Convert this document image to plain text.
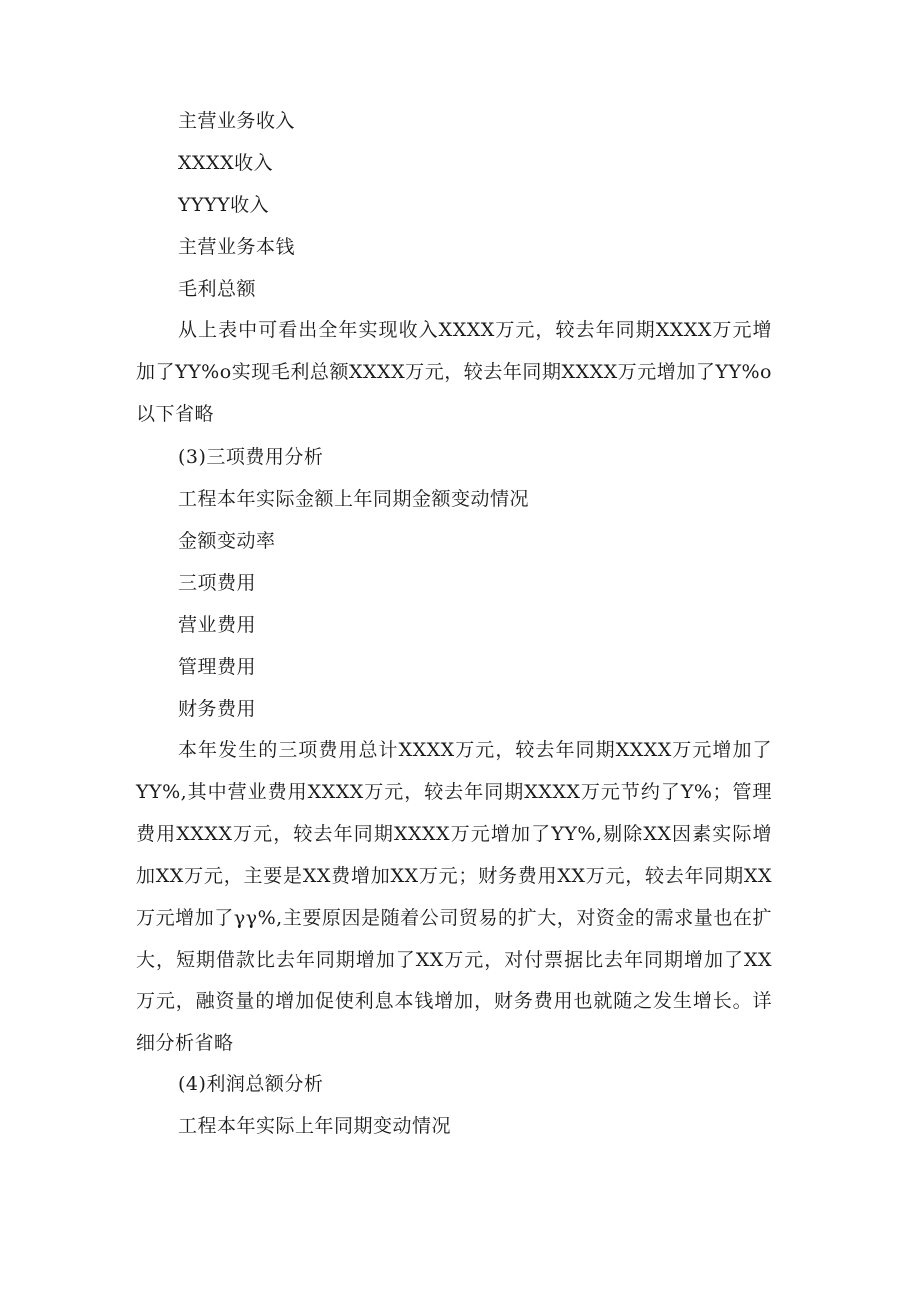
主营业务收入
XXXX收入
YYYY收入
主营业务本钱
毛利总额
从上表中可看出全年实现收入XXXX万元，较去年同期XXXX万元增加了YY%o实现毛利总额XXXX万元，较去年同期XXXX万元增加了YY%o以下省略
(3)三项费用分析
工程本年实际金额上年同期金额变动情况
金额变动率
三项费用
营业费用
管理费用
财务费用
本年发生的三项费用总计XXXX万元，较去年同期XXXX万元增加了YY%,其中营业费用XXXX万元，较去年同期XXXX万元节约了Y%；管理费用XXXX万元，较去年同期XXXX万元增加了YY%,剔除XX因素实际增加XX万元，主要是XX费增加XX万元；财务费用XX万元，较去年同期XX万元增加了γγ%,主要原因是随着公司贸易的扩大，对资金的需求量也在扩大，短期借款比去年同期增加了XX万元，对付票据比去年同期增加了XX万元，融资量的增加促使利息本钱增加，财务费用也就随之发生增长。详细分析省略
(4)利润总额分析
工程本年实际上年同期变动情况
